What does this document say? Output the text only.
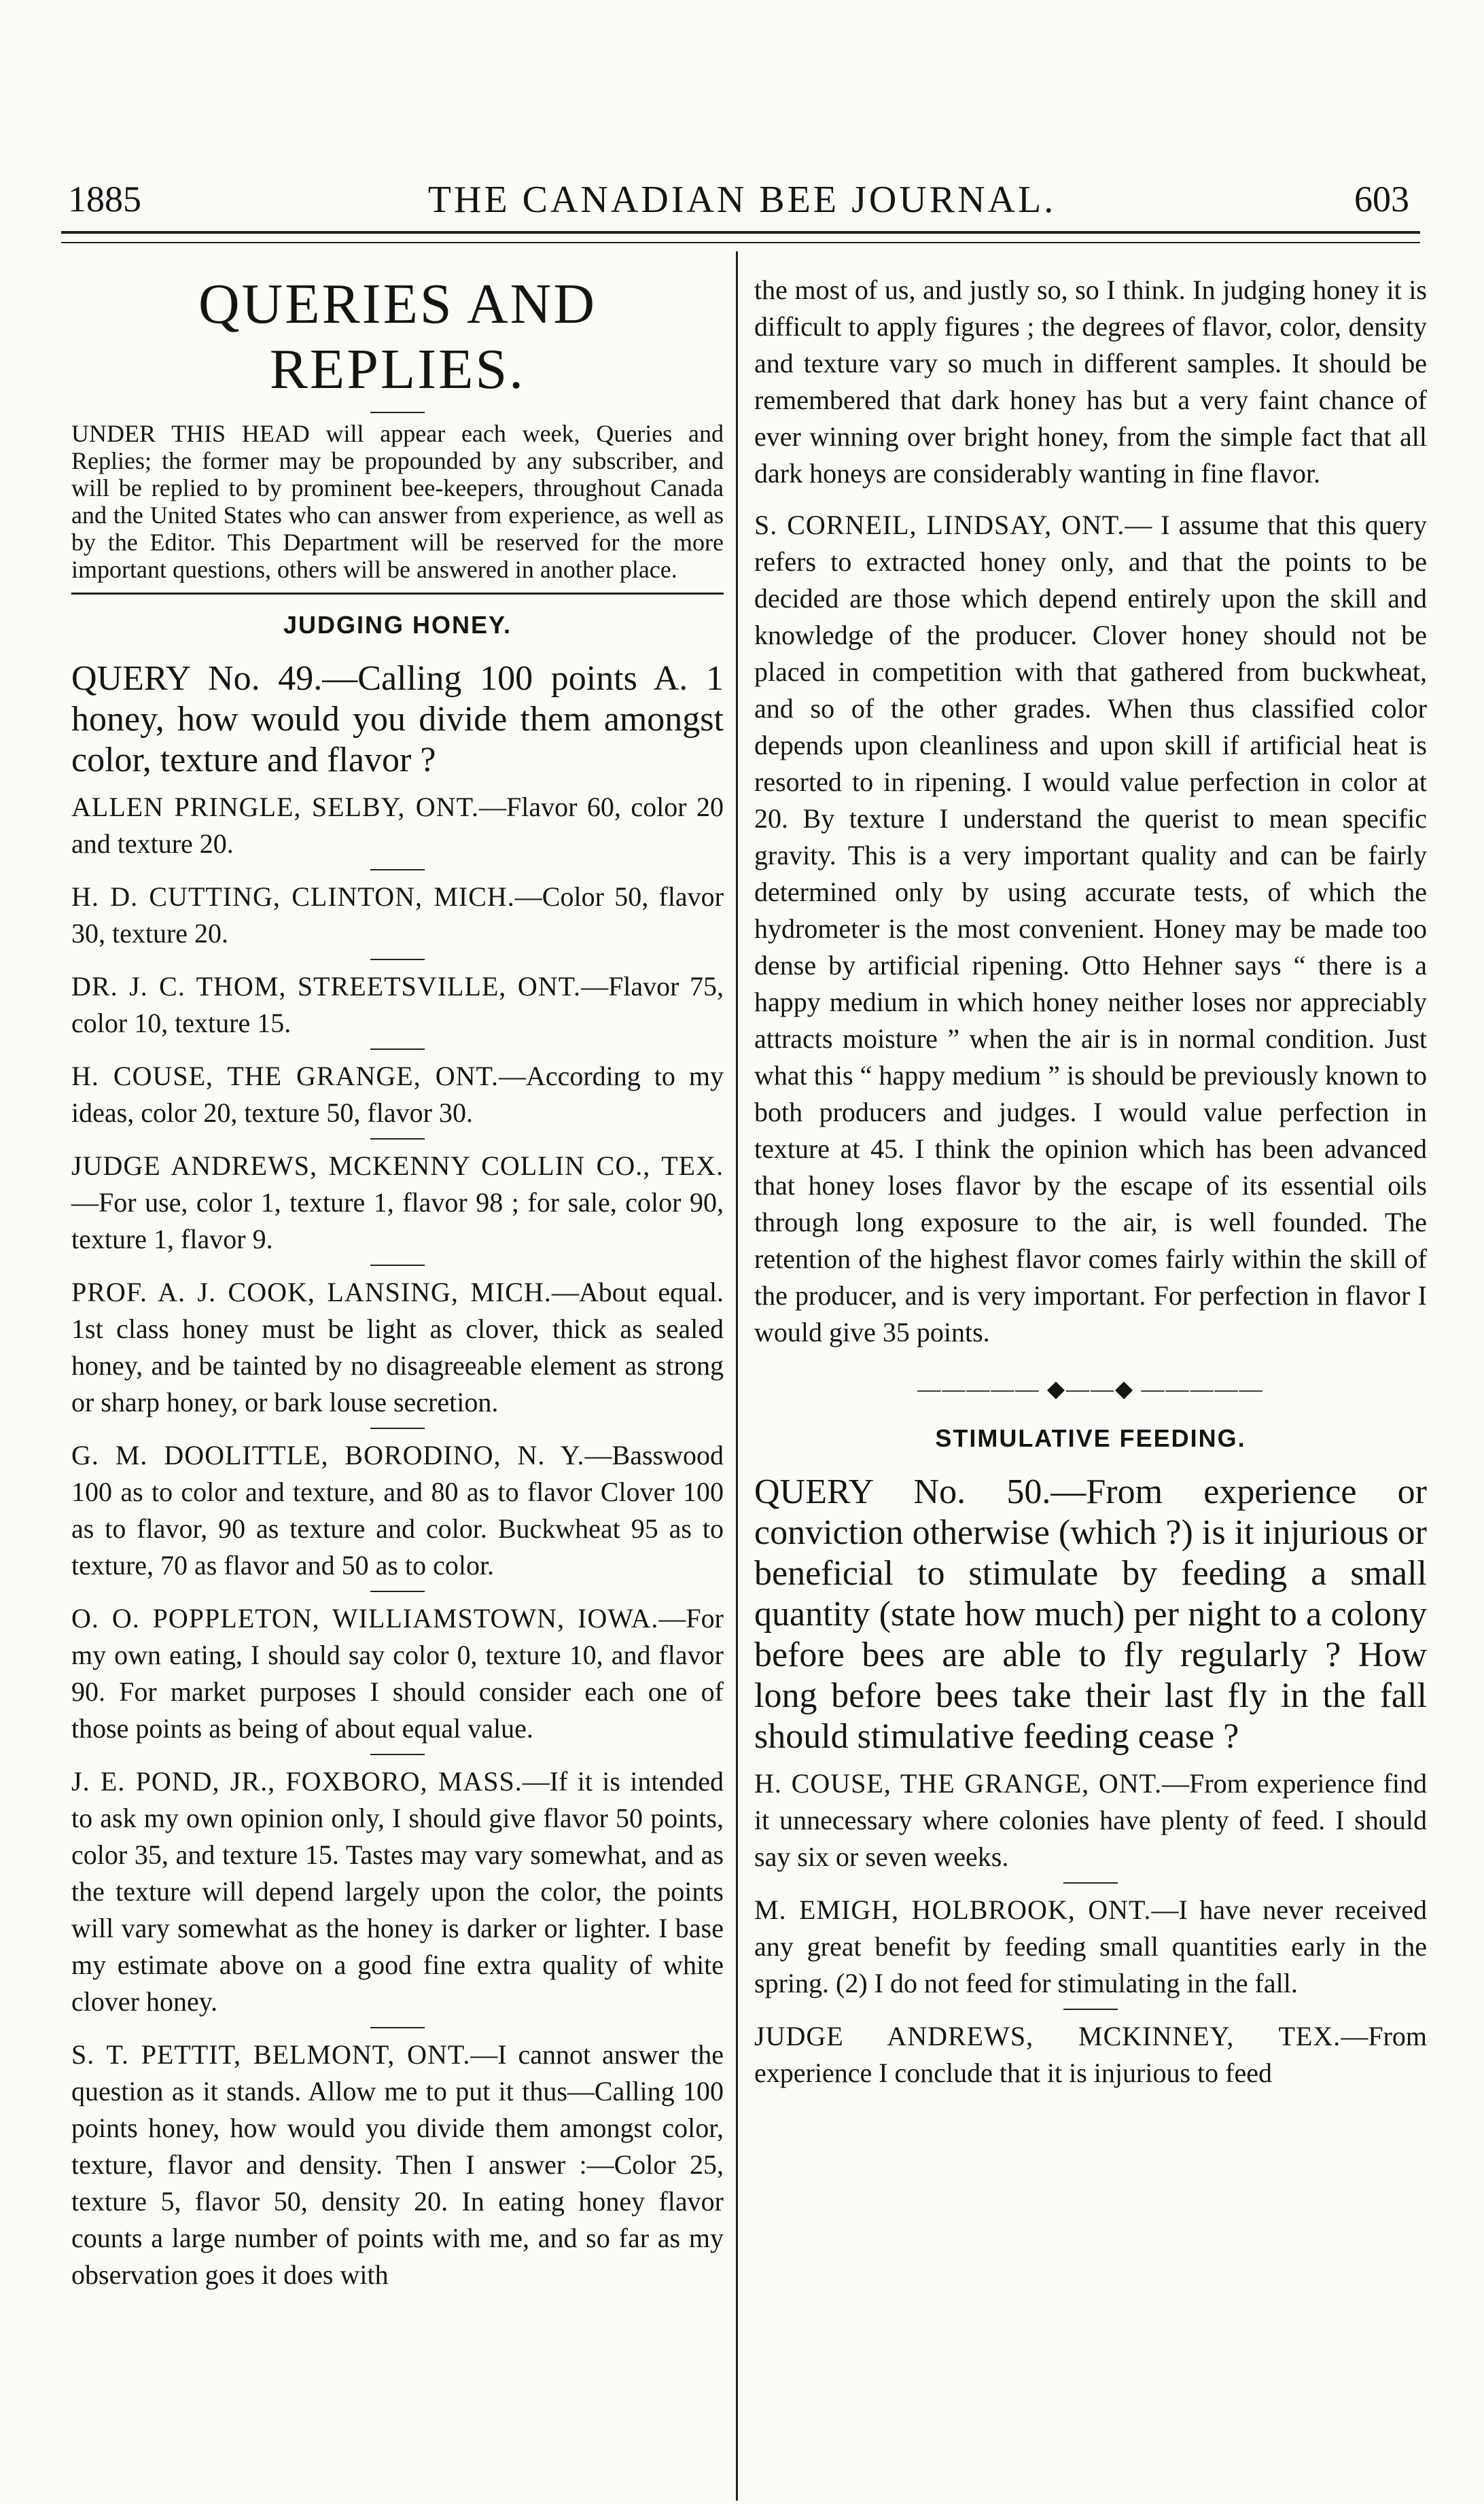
1885	THE CANADIAN BEE JOURNAL.	603
QUERIES AND REPLIES.

UNDER THIS HEAD will appear each week, Queries and Replies; the former may be propounded by any subscriber, and will be replied to by prominent bee-keepers, throughout Canada and the United States who can answer from experience, as well as by the Editor. This Department will be reserved for the more important questions, others will be answered in another place.

JUDGING HONEY.

QUERY No. 49.—Calling 100 points A. 1 honey, how would you divide them amongst color, texture and flavor ?

ALLEN PRINGLE, SELBY, ONT.—Flavor 60, color 20 and texture 20.

H. D. CUTTING, CLINTON, MICH.—Color 50, flavor 30, texture 20.

DR. J. C. THOM, STREETSVILLE, ONT.—Flavor 75, color 10, texture 15.

H. COUSE, THE GRANGE, ONT.—According to my ideas, color 20, texture 50, flavor 30.

JUDGE ANDREWS, MCKENNY COLLIN CO., TEX.—For use, color 1, texture 1, flavor 98 ; for sale, color 90, texture 1, flavor 9.

PROF. A. J. COOK, LANSING, MICH.—About equal. 1st class honey must be light as clover, thick as sealed honey, and be tainted by no disagreeable element as strong or sharp honey, or bark louse secretion.

G. M. DOOLITTLE, BORODINO, N. Y.—Basswood 100 as to color and texture, and 80 as to flavor Clover 100 as to flavor, 90 as texture and color. Buckwheat 95 as to texture, 70 as flavor and 50 as to color.

O. O. POPPLETON, WILLIAMSTOWN, IOWA.—For my own eating, I should say color 0, texture 10, and flavor 90. For market purposes I should consider each one of those points as being of about equal value.

J. E. POND, JR., FOXBORO, MASS.—If it is intended to ask my own opinion only, I should give flavor 50 points, color 35, and texture 15. Tastes may vary somewhat, and as the texture will depend largely upon the color, the points will vary somewhat as the honey is darker or lighter. I base my estimate above on a good fine extra quality of white clover honey.

S. T. PETTIT, BELMONT, ONT.—I cannot answer the question as it stands. Allow me to put it thus—Calling 100 points honey, how would you divide them amongst color, texture, flavor and density. Then I answer :—Color 25, texture 5, flavor 50, density 20. In eating honey flavor counts a large number of points with me, and so far as my observation goes it does with

the most of us, and justly so, so I think. In judging honey it is difficult to apply figures ; the degrees of flavor, color, density and texture vary so much in different samples. It should be remembered that dark honey has but a very faint chance of ever winning over bright honey, from the simple fact that all dark honeys are considerably wanting in fine flavor.

S. CORNEIL, LINDSAY, ONT.— I assume that this query refers to extracted honey only, and that the points to be decided are those which depend entirely upon the skill and knowledge of the producer. Clover honey should not be placed in competition with that gathered from buckwheat, and so of the other grades. When thus classified color depends upon cleanliness and upon skill if artificial heat is resorted to in ripening. I would value perfection in color at 20. By texture I understand the querist to mean specific gravity. This is a very important quality and can be fairly determined only by using accurate tests, of which the hydrometer is the most convenient. Honey may be made too dense by artificial ripening. Otto Hehner says “ there is a happy medium in which honey neither loses nor appreciably attracts moisture ” when the air is in normal condition. Just what this “ happy medium ” is should be previously known to both producers and judges. I would value perfection in texture at 45. I think the opinion which has been advanced that honey loses flavor by the escape of its essential oils through long exposure to the air, is well founded. The retention of the highest flavor comes fairly within the skill of the producer, and is very important. For perfection in flavor I would give 35 points.

————— ◆——◆ —————
STIMULATIVE FEEDING.

QUERY No. 50.—From experience or conviction otherwise (which ?) is it injurious or beneficial to stimulate by feeding a small quantity (state how much) per night to a colony before bees are able to fly regularly ? How long before bees take their last fly in the fall should stimulative feeding cease ?

H. COUSE, THE GRANGE, ONT.—From experience find it unnecessary where colonies have plenty of feed. I should say six or seven weeks.

M. EMIGH, HOLBROOK, ONT.—I have never received any great benefit by feeding small quantities early in the spring. (2) I do not feed for stimulating in the fall.

JUDGE ANDREWS, MCKINNEY, TEX.—From experience I conclude that it is injurious to feed
